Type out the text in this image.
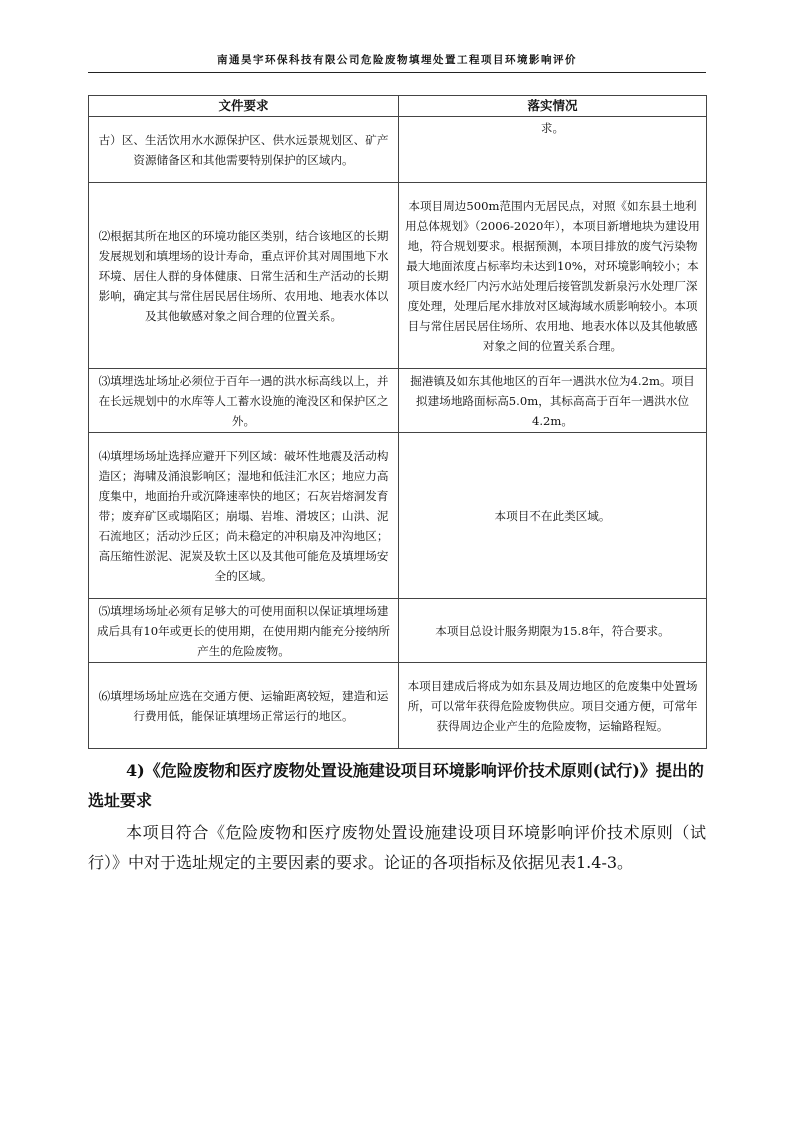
南通昊宇环保科技有限公司危险废物填埋处置工程项目环境影响评价
文件要求	落实情况
古）区、生活饮用水水源保护区、供水远景规划区、矿产资源储备区和其他需要特别保护的区域内。	求。
⑵根据其所在地区的环境功能区类别，结合该地区的长期发展规划和填埋场的设计寿命，重点评价其对周围地下水环境、居住人群的身体健康、日常生活和生产活动的长期影响，确定其与常住居民居住场所、农用地、地表水体以及其他敏感对象之间合理的位置关系。	本项目周边500m范围内无居民点，对照《如东县土地利用总体规划》（2006-2020年），本项目新增地块为建设用地，符合规划要求。根据预测，本项目排放的废气污染物最大地面浓度占标率均未达到10%，对环境影响较小；本项目废水经厂内污水站处理后接管凯发新泉污水处理厂深度处理，处理后尾水排放对区域海域水质影响较小。本项目与常住居民居住场所、农用地、地表水体以及其他敏感对象之间的位置关系合理。
⑶填埋选址场址必须位于百年一遇的洪水标高线以上，并在长远规划中的水库等人工蓄水设施的淹没区和保护区之外。	掘港镇及如东其他地区的百年一遇洪水位为4.2m。项目拟建场地路面标高5.0m，其标高高于百年一遇洪水位4.2m。
⑷填埋场场址选择应避开下列区域：破坏性地震及活动构造区；海啸及涌浪影响区；湿地和低洼汇水区；地应力高度集中，地面抬升或沉降速率快的地区；石灰岩熔洞发育带；废弃矿区或塌陷区；崩塌、岩堆、滑坡区；山洪、泥石流地区；活动沙丘区；尚未稳定的冲积扇及冲沟地区；高压缩性淤泥、泥炭及软土区以及其他可能危及填埋场安全的区域。	本项目不在此类区域。
⑸填埋场场址必须有足够大的可使用面积以保证填埋场建成后具有10年或更长的使用期，在使用期内能充分接纳所产生的危险废物。	本项目总设计服务期限为15.8年，符合要求。
⑹填埋场场址应选在交通方便、运输距离较短，建造和运行费用低，能保证填埋场正常运行的地区。	本项目建成后将成为如东县及周边地区的危废集中处置场所，可以常年获得危险废物供应。项目交通方便，可常年获得周边企业产生的危险废物，运输路程短。

4)《危险废物和医疗废物处置设施建设项目环境影响评价技术原则(试行)》提出的选址要求

本项目符合《危险废物和医疗废物处置设施建设项目环境影响评价技术原则（试行）》中对于选址规定的主要因素的要求。论证的各项指标及依据见表1.4-3。
